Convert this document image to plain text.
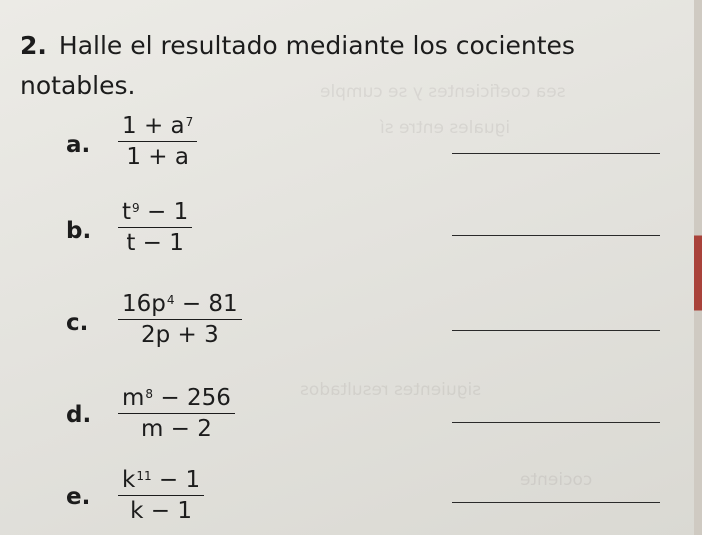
sea coeficientes y se cumple
iguales entre sí
siguientes resultados
cociente
2. Halle el resultado mediante los cocientes notables.
a.
$1 + a^7$
1 + a
b.
$t^9 - 1$
t − 1
c.
$16p^4 - 81$
2p + 3
d.
$m^8 - 256$
m − 2
e.
$k^{11} - 1$
k − 1
